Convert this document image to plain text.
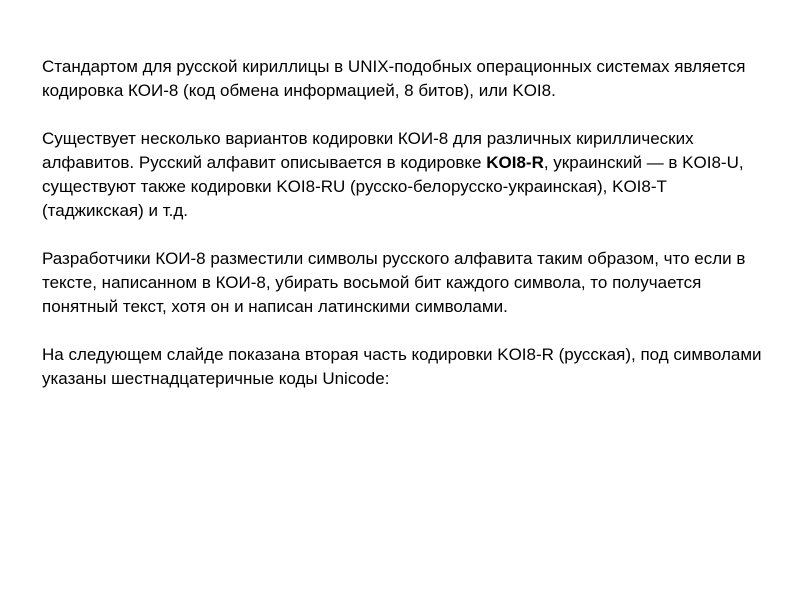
Стандартом для русской кириллицы в UNIX-подобных операционных системах является кодировка КОИ-8 (код обмена информацией, 8 битов), или KOI8.

Существует несколько вариантов кодировки КОИ-8 для различных кириллических алфавитов. Русский алфавит описывается в кодировке KOI8-R, украинский — в KOI8-U, существуют также кодировки KOI8-RU (русско-белорусско-украинская), KOI8-T (таджикская) и т.д.

Разработчики КОИ-8 разместили символы русского алфавита таким образом, что если в тексте, написанном в КОИ-8, убирать восьмой бит каждого символа, то получается понятный текст, хотя он и написан латинскими символами.

На следующем слайде показана вторая часть кодировки KOI8-R (русская), под символами указаны шестнадцатеричные коды Unicode:
